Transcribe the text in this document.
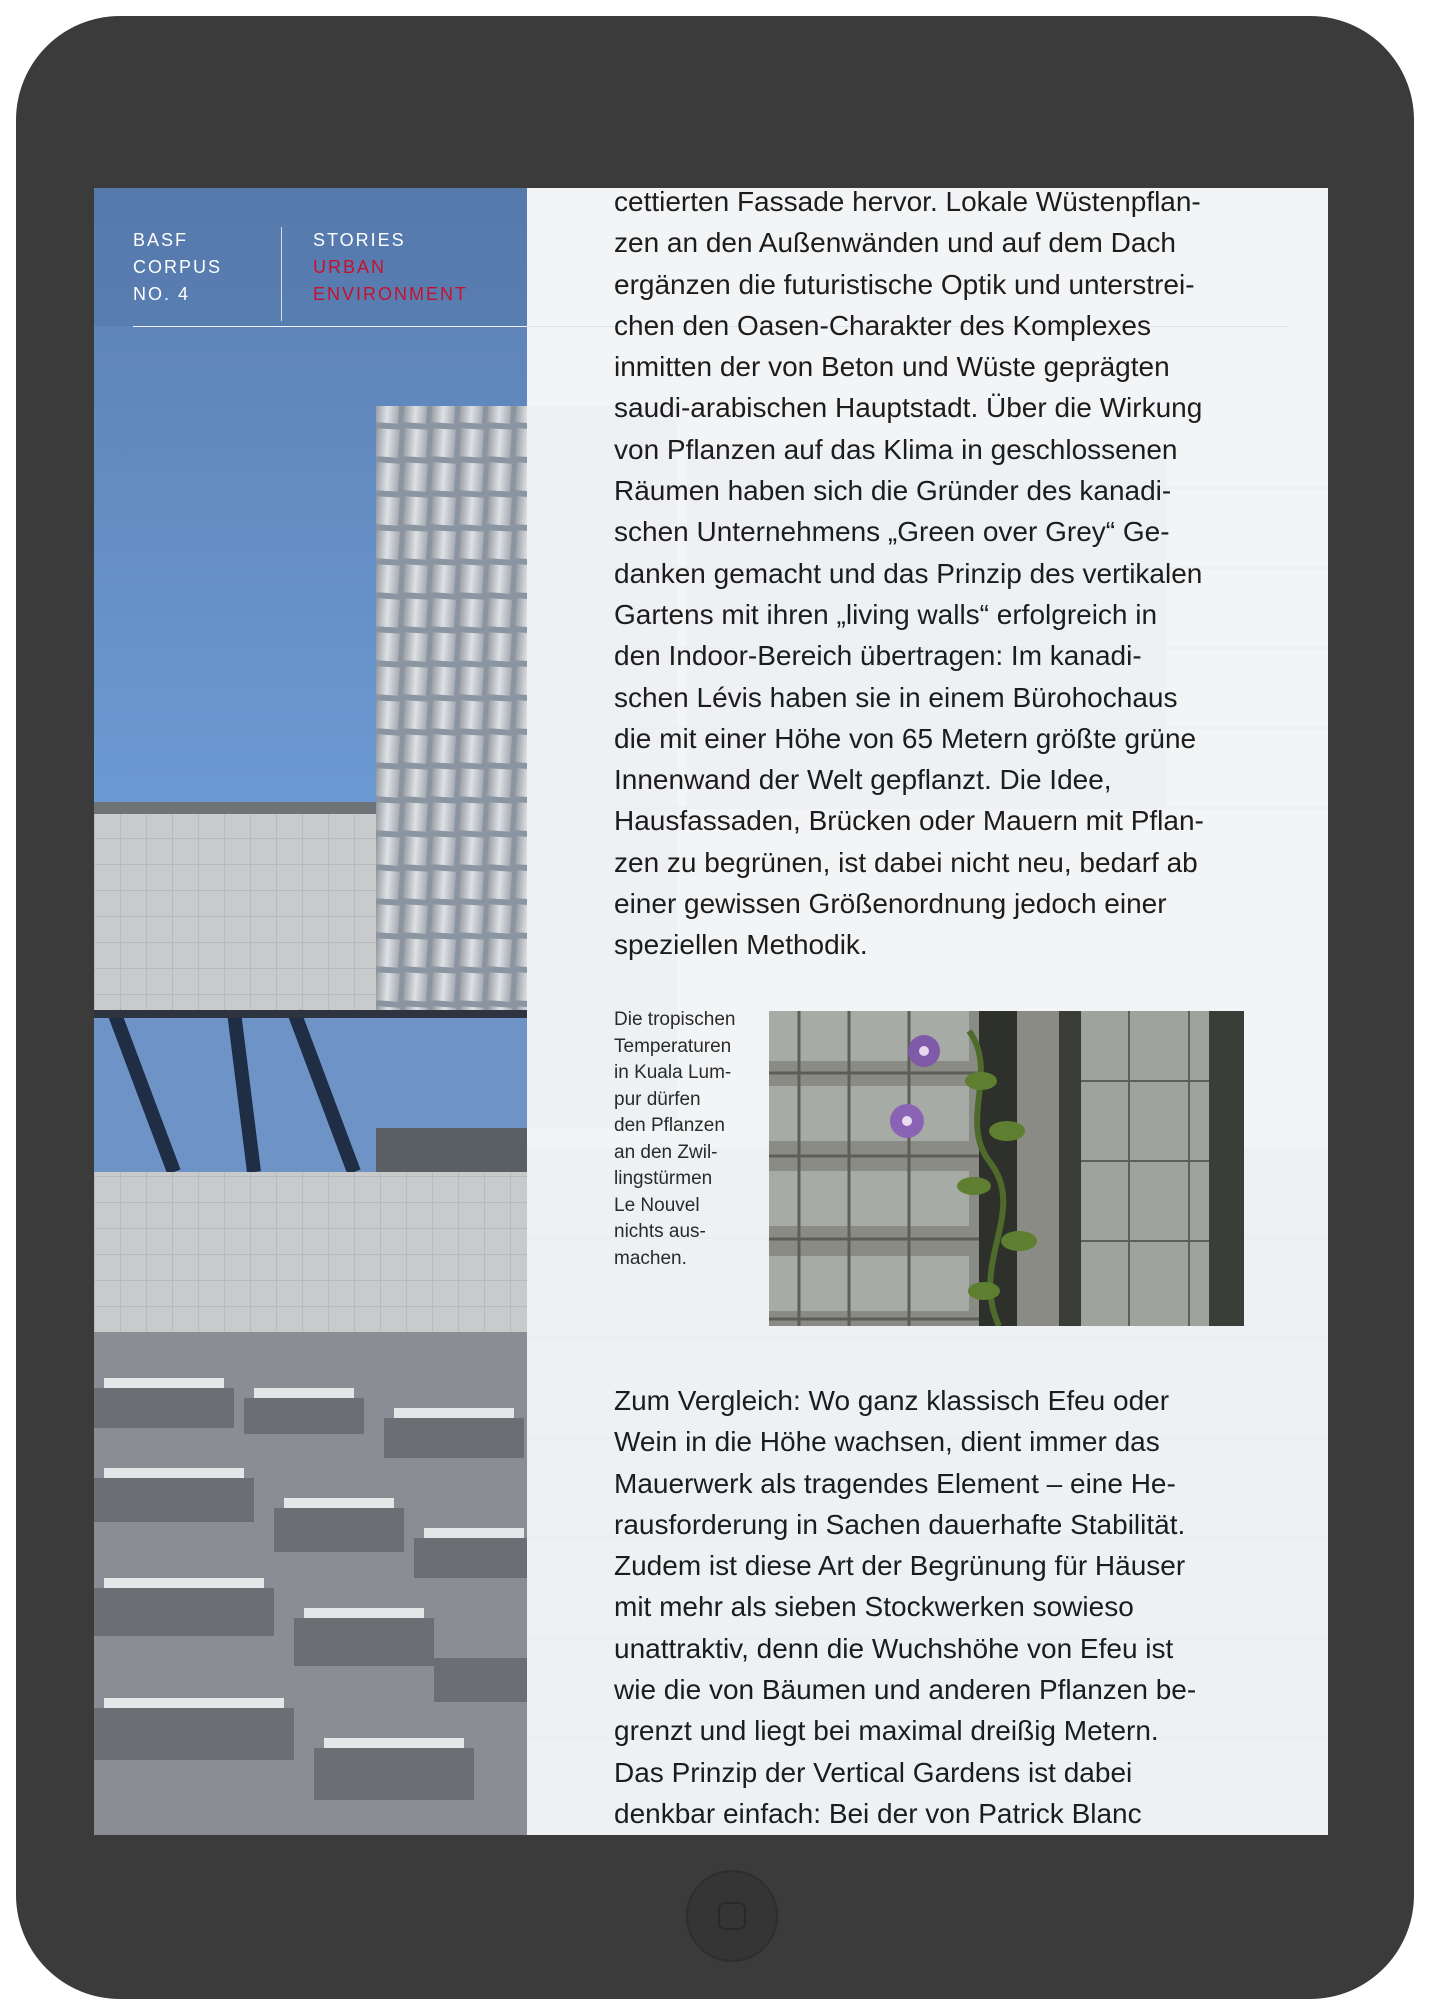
BASF
CORPUS
NO. 4
STORIES
URBAN
ENVIRONMENT
cettierten Fassade hervor. Lokale Wüstenpflan-
zen an den Außenwänden und auf dem Dach
ergänzen die futuristische Optik und unterstrei-
chen den Oasen-Charakter des Komplexes
inmitten der von Beton und Wüste geprägten
saudi-arabischen Hauptstadt. Über die Wirkung
von Pflanzen auf das Klima in geschlossenen
Räumen haben sich die Gründer des kanadi-
schen Unternehmens „Green over Grey“ Ge-
danken gemacht und das Prinzip des vertikalen
Gartens mit ihren „living walls“ erfolgreich in
den Indoor-Bereich übertragen: Im kanadi-
schen Lévis haben sie in einem Bürohochaus
die mit einer Höhe von 65 Metern größte grüne
Innenwand der Welt gepflanzt. Die Idee,
Hausfassaden, Brücken oder Mauern mit Pflan-
zen zu begrünen, ist dabei nicht neu, bedarf ab
einer gewissen Größenordnung jedoch einer
speziellen Methodik.
Die tropischen
Temperaturen
in Kuala Lum-
pur dürfen
den Pflanzen
an den Zwil-
lingstürmen
Le Nouvel
nichts aus-
machen.
Zum Vergleich: Wo ganz klassisch Efeu oder
Wein in die Höhe wachsen, dient immer das
Mauerwerk als tragendes Element – eine He-
rausforderung in Sachen dauerhafte Stabilität.
Zudem ist diese Art der Begrünung für Häuser
mit mehr als sieben Stockwerken sowieso
unattraktiv, denn die Wuchshöhe von Efeu ist
wie die von Bäumen und anderen Pflanzen be-
grenzt und liegt bei maximal dreißig Metern.
Das Prinzip der Vertical Gardens ist dabei
denkbar einfach: Bei der von Patrick Blanc
